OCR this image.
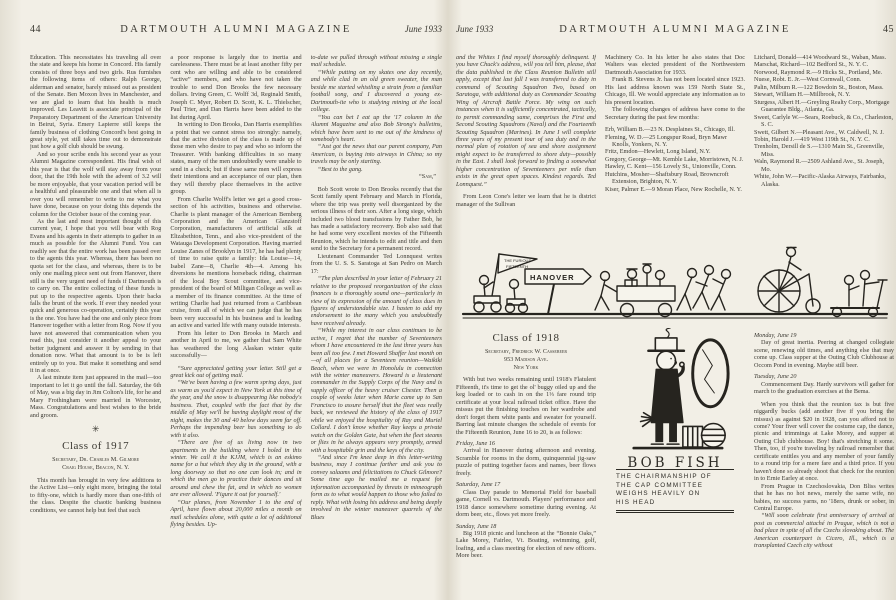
44	DARTMOUTH ALUMNI MAGAZINE	June 1933
Education. This necessitates his traveling all over the state and keeps his home in Concord. His family consists of three boys and two girls. Rus furnishes the following items of others: Ralph George, alderman and senator, barely missed out as president of the Senate. Ben Moxon lives in Manchester, and we are glad to learn that his health is much improved. Les Leavitt is associate principal of the Preparatory Department of the American University in Beirut, Syria. Emery Lapierre still keeps the family business of clothing Concord's best going in great style, yet still takes time out to demonstrate just how a golf club should be swung.
And so your scribe ends his second year as your Alumni Magazine correspondent. His final wish of this year is that the wolf will stay away from your door, that the 19th hole with the advent of 3.2 will be more enjoyable, that your vacation period will be a healthful and pleasurable one and that when all is over you will remember to write to me what you have done, because on your doing this depends the column for the October issue of the coming year.
As the last and most important thought of this current year, I hope that you will bear with Rog Evans and his agents in their attempts to gather in as much as possible for the Alumni Fund. You can readily see that the entire work has been passed over to the agents this year. Whereas, there has been no quota set for the class, and whereas, there is to be only one mailing piece sent out from Hanover, there still is the very urgent need of funds if Dartmouth is to carry on. The entire collecting of these funds is put up to the respective agents. Upon their backs falls the brunt of the work. If ever they needed your quick and generous co-operation, certainly this year is the one. You have had the one and only piece from Hanover together with a letter from Rog. Now if you have not answered that communication when you read this, just consider it another appeal to your better judgment and answer it by sending in that donation now. What that amount is to be is left entirely up to you. But make it something and send it in at once.
A last minute item just appeared in the mail—too important to let it go until the fall. Saturday, the 6th of May, was a big day in Jim Colton's life, for he and Mary Frothingham were married in Worcester, Mass. Congratulations and best wishes to the bride and groom.
✳
Class of 1917
Secretary, Dr. Charles M. Gilmore
Craig House, Beacon, N. Y.
This month has brought in very few additions to the Active List—only eight more, bringing the total to fifty-one, which is hardly more than one-fifth of the class. Despite the chaotic banking business conditions, we cannot help but feel that such
a poor response is largely due to inertia and carelessness. There must be at least another fifty per cent who are willing and able to be considered “active” members, and who have not taken the trouble to send Don Brooks the few necessary dollars. Irving Green, C. Wolff 3d, Reginald Smith, Joseph C. Myer, Robert D. Scott, K. L. Thielscher, Paul Trier, and Dan Harris have been added to the list during April.
In writing to Don Brooks, Dan Harris exemplifies a point that we cannot stress too strongly: namely, that the active division of the class is made up of those men who desire to pay and who so inform the Treasurer. With banking difficulties in so many states, many of the men undoubtedly were unable to send in a check; but if these same men will express their intentions and an acceptance of our plan, then they will thereby place themselves in the active group.
From Charlie Wolff's letter we get a good cross-section of his activities, business and otherwise. Charlie is plant manager of the American Bemberg Corporation and the American Glanzstoff Corporation, manufacturers of artificial silk at Elizabethton, Tenn., and also vice-president of the Watauga Development Corporation. Having married Louise Zanes of Brooklyn in 1917, he has had plenty of time to raise quite a family: Ida Louise—14, Isabel Zane—8, Charlie 4th—4. Among his diversions he mentions horseback riding, chairman of the local Boy Scout committee, and vice-president of the board of Milligan College as well as a member of its finance committee. At the time of writing Charlie had just returned from a Caribbean cruise, from all of which we can judge that he has been very successful in his business and is leading an active and varied life with many outside interests.
From his letter to Don Brooks in March and another in April to me, we gather that Sam White has weathered the long Alaskan winter quite successfully—
“Sure appreciated getting your letter. Still get a great kick out of getting mail.
“We've been having a few warm spring days, just as warm as you'd expect in New York at this time of the year, and the snow is disappearing like nobody's business. That, coupled with the fact that by the middle of May we'll be having daylight most of the night, makes the 30 and 40 below days seem far off. Perhaps the impending beer has something to do with it also.
“There are five of us living now in two apartments in the building where I holed in this winter. We call it the KJJM, which is an eskimo name for a hut which they dig in the ground, with a long doorway so that no one can look in; and in which the men go to practice their dances and sit around and chew the fat, and in which no women are ever allowed. 'Figure it out for yourself.'
“Our planes, from November 1 to the end of April, have flown about 20,000 miles a month on mail schedules alone, with quite a lot of additional flying besides. Up-
to-date we pulled through without missing a single mail schedule.
“While putting on my skates one day recently, and while clad in an old green sweater, the man beside me started whistling a strain from a familiar football song, and I discovered a young ex-Dartmouth-ite who is studying mining at the local college.
“You can bet I eat up the '17 column in the Alumni Magazine and also Bob Strong's bulletins, which have been sent to me out of the kindness of somebody's heart.
“Just got the news that our parent company, Pan American, is buying into airways in China; so my travels may be only starting.
“Best to the gang.
“Sam,”
Bob Scott wrote to Don Brooks recently that the Scott family spent February and March in Florida, where the trip was pretty well disorganized by the serious illness of their son. After a long siege, which included two blood transfusions by Father Bob, he has made a satisfactory recovery. Bob also said that he had some very excellent movies of the Fifteenth Reunion, which he intends to edit and title and then send to the Secretary for a permanent record.
Lieutenant Commander Ted Lonnquest writes from the U. S. S. Saratoga at San Pedro on March 17:
“The plan described in your letter of February 21 relative to the proposed reorganization of the class finances is a thoroughly sound one—particularly in view of its expression of the amount of class dues in figures of understandable size. I hasten to add my endorsement to the many which you undoubtedly have received already.
“While my interest in our class continues to be active, I regret that the number of Seventeeners whom I have encountered in the last three years has been all too few. I met Howard Shaffer last month on—of all places for a Seventeen reunion—Waikiki Beach, when we were in Honolulu in connection with the winter maneuvers. Howard is a lieutenant commander in the Supply Corps of the Navy and is supply officer of the heavy cruiser Chester. Then a couple of weeks later when Marie came up to San Francisco to assure herself that the fleet was really back, we reviewed the history of the class of 1917 while we enjoyed the hospitality of Ray and Muriel Collard. I don't know whether Ray keeps a private watch on the Golden Gate, but when the fleet steams or flies in he always appears very promptly, armed with a hospitable grin and the keys of the city.
“And since I'm knee deep in this letter-writing business, may I continue farther and ask you to convey salaams and felicitations to Chuck Gilmore? Some time ago he mailed me a request for information accompanied by threats in mimeograph form as to what would happen to those who failed to reply. What with losing his address and being deeply involved in the winter maneuver quarrels of the Blues
June 1933	DARTMOUTH ALUMNI MAGAZINE	45
and the Whites I find myself thoroughly delinquent. If you have Chuck's address, will you tell him, please, that the data published in the Class Reunion Bulletin still apply, except that last fall I was transferred to duty in command of Scouting Squadron Two, based on Saratoga, with additional duty as Commander Scouting Wing of Aircraft Battle Force. My wing on such instances when it is sufficiently concentrated, tactically, to permit commanding same, comprises the First and Second Scouting Squadrons (Naval) and the Fourteenth Scouting Squadron (Marines). In June I will complete three years of my present tour of sea duty and in the normal plan of rotation of sea and shore assignment might expect to be transferred to shore duty—possibly in the East. I shall look forward to finding a somewhat higher concentration of Seventeeners per mile than exists in the great open spaces. Kindest regards. Ted Lonnquest.”
From Leon Cone's letter we learn that he is district manager of the Sullivan
Machinery Co. In his letter he also states that Doc Walters was elected president of the Northwestern Dartmouth Association for 1933.
Frank B. Stevens Jr. has not been located since 1923. His last address known was 159 North State St., Chicago, Ill. We would appreciate any information as to his present location.
The following changes of address have come to the Secretary during the past few months:
Erb, William B.—23 N. Desplaines St., Chicago, Ill.
Fleming, W. D.—25 Longspur Road, Bryn Mawr Knolls, Yonkers, N. Y.
Fritz, Emdon—Hewlett, Long Island, N.Y.
Gregory, George—Mt. Kemble Lake, Morristown, N. J.
Hawley, C. Kent—156 Lovely St., Unionville, Conn.
Hutchins, Mosher—Shaftsbury Road, Browncroft Extension, Brighton, N. Y.
Kiser, Palmer E.—9 Moran Place, New Rochelle, N. Y.
Litchard, Donald—414 Woodward St., Waban, Mass.
Marschat, Richard—102 Bedford St., N. Y. C.
Norwood, Raymond R.—9 Hicks St., Portland, Me.
Nuese, Robt. E. Jr.—West Cornwall, Conn.
Palin, Milburn R.—122 Bowdoin St., Boston, Mass.
Stewart, William H.—Millbrook, N. Y.
Sturgess, Albert H.—Greyling Realty Corp., Mortgage Guarantee Bldg., Atlanta, Ga.
Sweet, Carlyle W.—Sears, Roebuck, & Co., Charleston, S. C.
Swett, Gilbert N.—Pleasant Ave., W. Caldwell, N. J.
Tobin, Harold J.—419 West 119th St., N. Y. C.
Trenholm, Dersill de S.—1310 Main St., Greenville, Miss.
Waln, Raymond R.—2509 Ashland Ave., St. Joseph, Mo.
White, John W.—Pacific-Alaska Airways, Fairbanks, Alaska.
THE FURIOUS
FIFTEENTH
HANOVER
Class of 1918
Secretary, Fredrick W. Cassebeer
953 Madison Ave.
New York
With but two weeks remaining until 1918's Flatulent Fifteenth, it's time to get the ol' buggy oiled up and the keg loaded or to cash in on the 1⅓ fare round trip certificate at your local railroad ticket office. Have the missus put the finishing touches on her wardrobe and don't forget them white pants and sweater for yourself. Barring last minute changes the schedule of events for the Fifteenth Reunion, June 16 to 20, is as follows:
Friday, June 16
Arrival in Hanover during afternoon and evening. Scramble for rooms in the dorm, quinquennial jig-saw puzzle of putting together faces and names, beer flows freely.
Saturday, June 17
Class Day parade to Memorial Field for baseball game, Cornell vs. Dartmouth. Players' performance and 1918 dance somewhere sometime during evening. At dorm beer, etc., flows yet more freely.
Sunday, June 18
Big 1918 picnic and luncheon at the “Bonnie Oaks,” Lake Morey, Fairlee, Vt. Boating, swimming, golf, loafing, and a class meeting for election of new officers. More beer.
BOB FISH
THE CHAIRMANSHIP OF
THE CAP COMMITTEE
WEIGHS HEAVILY ON
HIS HEAD
Monday, June 19
Day of great inertia. Peering at changed collegiate scene, renewing old times, and anything else that may come up. Class supper at the Outing Club Clubhouse at Occom Pond in evening. Maybe still beer.
Tuesday, June 20
Commencement Day. Hardy survivors will gather for march to the graduation exercises at the Bema.
When you think that the reunion tax is but five niggardly bucks (add another five if you bring the missus) as against $20 in 1928, can you afford not to come? Your fiver will cover the costume cap, the dance, picnic and trimmings at Lake Morey, and supper at Outing Club clubhouse. Boy! that's stretching it some. Then, too, if you're traveling by railroad remember that certificate entitles you and any member of your family to a round trip for a mere fare and a third price. If you haven't done so already shoot that check for the reunion in to Ernie Earley at once.
From Prague in Czechoslovakia, Don Bliss writes that he has no hot news, merely the same wife, no babies, no success yarns, no '18ers, drunk or sober, in Central Europe.
“Will soon celebrate first anniversary of arrival at post as commercial attaché in Prague, which is not a bad place in spite of all the Czechs slovaking about. The American counterpart is Cicero, Ill., which is a transplanted Czech city without
